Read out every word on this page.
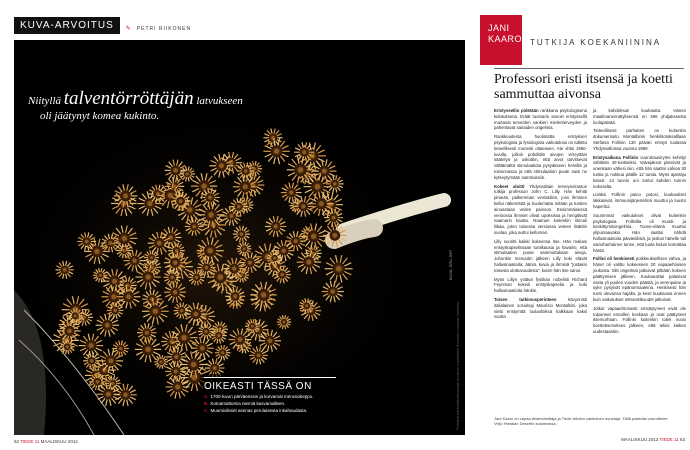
KUVA-ARVOITUS	✎ PETRI RIIKONEN
Niityllä talventörröttäjän latvukseen
oli jäätynyt komea kukinto.
KUVA: SPL/ JHP
Puhdistustekniikka/kuvaaja ja idean maallisten ihmisten mukaan tuloksia
OIKEASTI TÄSSÄ ON
A. 1700-luvun pärväenssin ja korvamat merusiokeppo.
B. Kotoamattomia niemiä kasvamalleen.
C. Muumiolisset asenas perulaisesta inkahaudasta.
62 TIEDE 11 MAALISKUU 2012
JANI
KAARO TUTKIJA KOEKANIININA
Professori eristi itsensä ja koetti sammuttaa aivonsa

Eristyssellin pidetään rankkana psykologisena kidutuksena. Eräät tuomarin sanoin eristyssellit murtavat terveiden vankien mielenterveyden ja pahentavat sairaiden ongelmia.

Rankkuudesta huolimatta eristyksen psykologisia ja fysiologisia vaikutuksia on tutkittu tieteellisesti monesti ottaessen. Ate vhtsi 1960-luvulla, jolloin pohdittiin aivojen virreyttäin säätelyä ja uskottiin, että aivot tarvitsevat välttämättä stimulaatiota pysyäkseen hereillä ja toiminnassa ja että stimulaation puute saisi ne kytkeytymään sammuksiin.

Kokeet aloitti Yhdysvaltain terveysviraston tutkija professori John C. Lilly. Hän kehitti pimeän, palkemman vesisäiliön, joss ihminen kellui näkemättä ja kuulematta mitään ja tuntien ainoastaan veden painoon. Ensimmäisessä versiossa ihmiset olivat upoksissa ja hengittivät naamarin kautta. Naamari kuitenkin stimuli liikaa, joten toisessa versiossa veteen lisättiin suolaa, joka auttoi kelluman.

Lilly suoritti kaikki kokeensa itse. Hän makasi eristyskapselissaan tuntikausia ja havaitsi, että stimulaation puute sammuttakaan aivoja. Johonkin menuutin jälkeen Lilly koki elävät hallusinaatioita: ääniä, kuvia ja ihmisiä "jostakin toisesta ulottuvuudesta", kuten hän itse sanoi.

Myös Lillyn ystävä fysiikan nobelisti Richard Feynman kokeili eristyskapselia ja koki hallusinaatioita hänkin.

Toisen tutkimusperinteen kävynnisti italialainen sosiologi Maurizio Montalbini, joka vietti eristymttä luolaolöiksä kalkkaan kaksi vuotta

ja kahdeksan kuukautta. Hänen maailmanennätyksensä on 366 yhdjakssesta luolapäivää.

Tieteellisesti parhaiten on kuitenkin dokumentoitu Montalbinin henkilöotoksalllaan Stefania Follinin 130 päivän eristys luolassa Yhdysvalloissa vuonna 1989.

Eristysaikana Follinin vuorokausirytmi kehittyi vähittäin 40-tuntiseksi. Valvejaksot pitenivät ja unenkaan vähesi niin, että hän saattoi valvoa 30 tuntia ja nukkua päälle 12 tuntia. Myös ajantaju katosi: 14 tunnin uni tuntui kahden tunnin nokoselta.

Lisäksi Follinin paino putosi, kuukautiset lakkasivat, immuunijärjestelmä muuttui ja luusto haperitui.

Suurimmat vaikutukset olivat kuitenkin psykologisia. Follinilla oli muisti- ja keskittymisongelmia. Tunne-elämä muuttui ylipursaavaksi. Hän saattoi nähdä hallusinaatioita päiväviiksiä, ja joskus hänelle tuli vainoharhainen tunne, että luola halusi kortoittaa häntä.

Follini oli henkisesti poikkeuksellisen vahva, ja hänet oli valittu kokeeseen 20 vapaaehtoisen joukosta. Silti ongelmat jatkuivat pitkään kokeen päättymisen jälkeen. Kuukausittai palasivat vasta yli puolen vuoden päästä, ja verenpaine ja syke pysyivät epänormaaleina. Henkisesti hän tunsi olevansa hajalla, ja kesti kuukausia ennen kuin vaikutukset mitsevätkoudet jatkuivat.

Jotkut vapaaehtoisesti eristäytyneet eivät ole toipuneet ennallen koskaan ja ovat päätyneet itsemurhaan. Follinin kuitenkin toteli vuosi koetteleemukses jälkeen, että tekisi kaiken uudestaankin.

Jani Kaaro on vapaa tiedetoimittaja ja Tiede-lehden vakituinen avustaja. Tällä palstalla vuorottelee Veijo Hietalan Desertin kolumnissa.
MAALISKUU 2012 TIEDE 11 63
